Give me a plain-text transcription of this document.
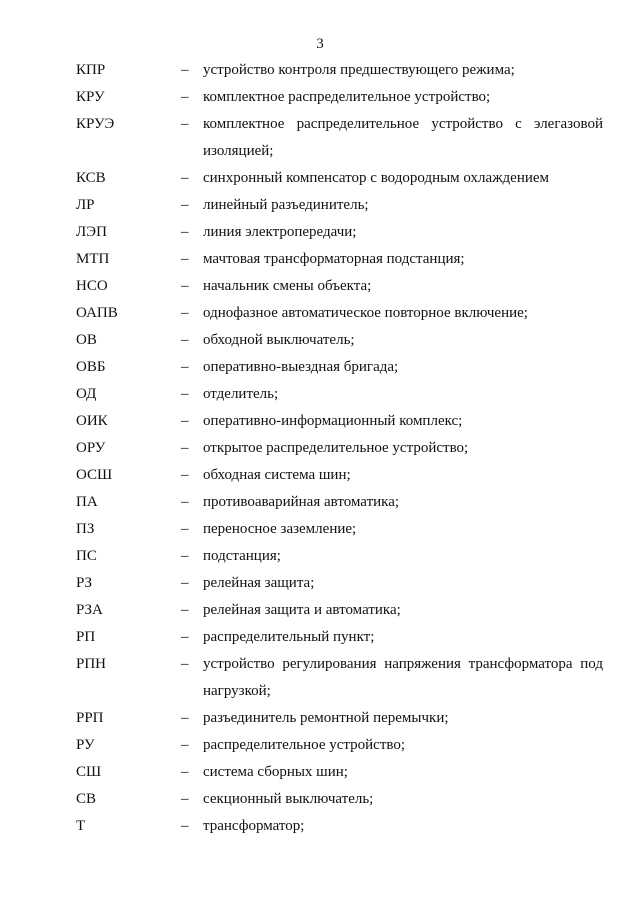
3
КПР	– устройство контроля предшествующего режима;
КРУ	– комплектное распределительное устройство;
КРУЭ	– комплектное распределительное устройство с элегазовой изоляцией;
КСВ	– синхронный компенсатор с водородным охлаждением
ЛР	– линейный разъединитель;
ЛЭП	– линия электропередачи;
МТП	– мачтовая трансформаторная подстанция;
НСО	– начальник смены объекта;
ОАПВ	– однофазное автоматическое повторное включение;
ОВ	– обходной выключатель;
ОВБ	– оперативно-выездная бригада;
ОД	– отделитель;
ОИК	– оперативно-информационный комплекс;
ОРУ	– открытое распределительное устройство;
ОСШ	– обходная система шин;
ПА	– противоаварийная автоматика;
ПЗ	– переносное заземление;
ПС	– подстанция;
РЗ	– релейная защита;
РЗА	– релейная защита и автоматика;
РП	– распределительный пункт;
РПН	– устройство регулирования напряжения трансформатора под нагрузкой;
РРП	– разъединитель ремонтной перемычки;
РУ	– распределительное устройство;
СШ	– система сборных шин;
СВ	– секционный выключатель;
Т	– трансформатор;
